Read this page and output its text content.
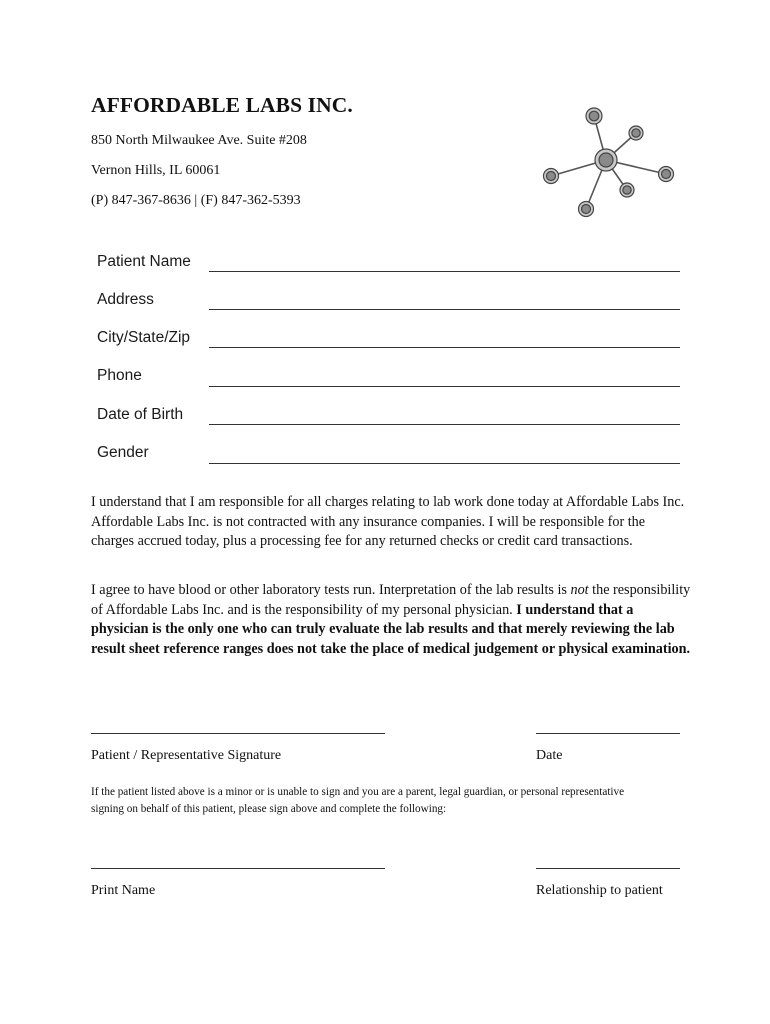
AFFORDABLE LABS INC.
850 North Milwaukee Ave. Suite #208
Vernon Hills, IL 60061
(P) 847-367-8636 | (F) 847-362-5393
Patient Name
Address
City/State/Zip
Phone
Date of Birth
Gender
I understand that I am responsible for all charges relating to lab work done today at Affordable Labs Inc. Affordable Labs Inc. is not contracted with any insurance companies. I will be responsible for the charges accrued today, plus a processing fee for any returned checks or credit card transactions.
I agree to have blood or other laboratory tests run. Interpretation of the lab results is not the responsibility of Affordable Labs Inc. and is the responsibility of my personal physician. I understand that a physician is the only one who can truly evaluate the lab results and that merely reviewing the lab result sheet reference ranges does not take the place of medical judgement or physical examination.
Patient / Representative Signature	Date
If the patient listed above is a minor or is unable to sign and you are a parent, legal guardian, or personal representative signing on behalf of this patient, please sign above and complete the following:
Print Name	Relationship to patient
